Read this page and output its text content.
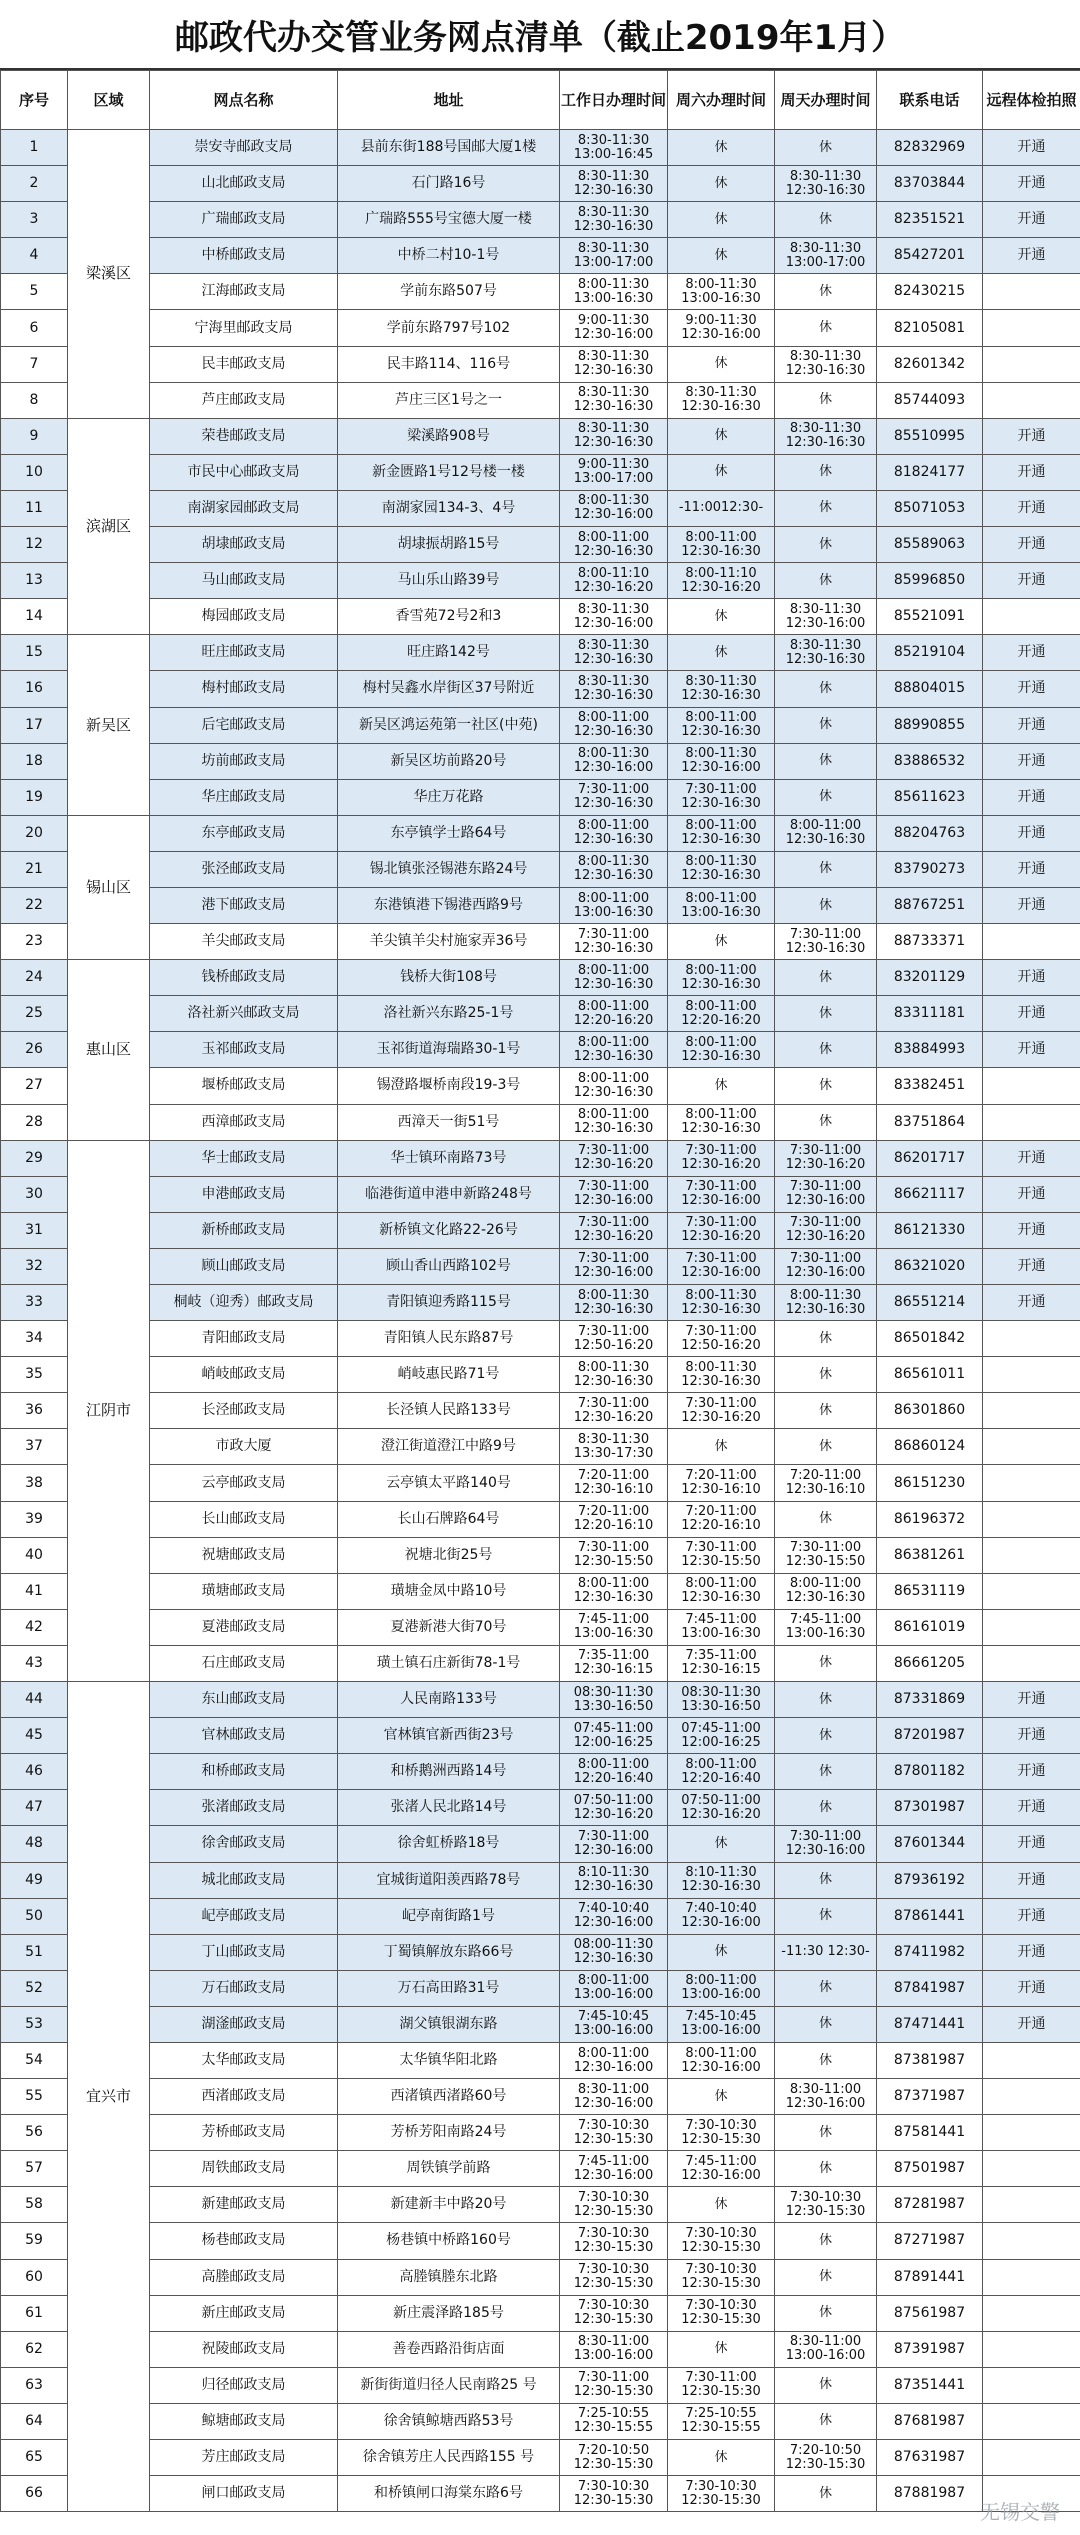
邮政代办交管业务网点清单（截止2019年1月）
序号	区域	网点名称	地址	工作日办理时间	周六办理时间	周天办理时间	联系电话	远程体检拍照
1	梁溪区	崇安寺邮政支局	县前东街188号国邮大厦1楼	8:30-11:30
13:00-16:45	休	休	82832969	开通
2		山北邮政支局	石门路16号	8:30-11:30
12:30-16:30	休	8:30-11:30
12:30-16:30	83703844	开通
3		广瑞邮政支局	广瑞路555号宝德大厦一楼	8:30-11:30
12:30-16:30	休	休	82351521	开通
4		中桥邮政支局	中桥二村10-1号	8:30-11:30
13:00-17:00	休	8:30-11:30
13:00-17:00	85427201	开通
5		江海邮政支局	学前东路507号	8:00-11:30
13:00-16:30	8:00-11:30
13:00-16:30	休	82430215	
6		宁海里邮政支局	学前东路797号102	9:00-11:30
12:30-16:00	9:00-11:30
12:30-16:00	休	82105081	
7		民丰邮政支局	民丰路114、116号	8:30-11:30
12:30-16:30	休	8:30-11:30
12:30-16:30	82601342	
8		芦庄邮政支局	芦庄三区1号之一	8:30-11:30
12:30-16:30	8:30-11:30
12:30-16:30	休	85744093	
9	滨湖区	荣巷邮政支局	梁溪路908号	8:30-11:30
12:30-16:30	休	8:30-11:30
12:30-16:30	85510995	开通
10		市民中心邮政支局	新金匮路1号12号楼一楼	9:00-11:30
13:00-17:00	休	休	81824177	开通
11		南湖家园邮政支局	南湖家园134-3、4号	8:00-11:30
12:30-16:00	-11:0012:30-	休	85071053	开通
12		胡埭邮政支局	胡埭振胡路15号	8:00-11:00
12:30-16:30	8:00-11:00
12:30-16:30	休	85589063	开通
13		马山邮政支局	马山乐山路39号	8:00-11:10
12:30-16:20	8:00-11:10
12:30-16:20	休	85996850	开通
14		梅园邮政支局	香雪苑72号2和3	8:30-11:30
12:30-16:00	休	8:30-11:30
12:30-16:00	85521091	
15	新吴区	旺庄邮政支局	旺庄路142号	8:30-11:30
12:30-16:30	休	8:30-11:30
12:30-16:30	85219104	开通
16		梅村邮政支局	梅村吴鑫水岸街区37号附近	8:30-11:30
12:30-16:30	8:30-11:30
12:30-16:30	休	88804015	开通
17		后宅邮政支局	新吴区鸿运苑第一社区(中苑)	8:00-11:00
12:30-16:30	8:00-11:00
12:30-16:30	休	88990855	开通
18		坊前邮政支局	新吴区坊前路20号	8:00-11:30
12:30-16:00	8:00-11:30
12:30-16:00	休	83886532	开通
19		华庄邮政支局	华庄万花路	7:30-11:00
12:30-16:30	7:30-11:00
12:30-16:30	休	85611623	开通
20	锡山区	东亭邮政支局	东亭镇学士路64号	8:00-11:00
12:30-16:30	8:00-11:00
12:30-16:30	8:00-11:00
12:30-16:30	88204763	开通
21		张泾邮政支局	锡北镇张泾锡港东路24号	8:00-11:30
12:30-16:30	8:00-11:30
12:30-16:30	休	83790273	开通
22		港下邮政支局	东港镇港下锡港西路9号	8:00-11:00
13:00-16:30	8:00-11:00
13:00-16:30	休	88767251	开通
23		羊尖邮政支局	羊尖镇羊尖村施家弄36号	7:30-11:00
12:30-16:30	休	7:30-11:00
12:30-16:30	88733371	
24	惠山区	钱桥邮政支局	钱桥大街108号	8:00-11:00
12:30-16:30	8:00-11:00
12:30-16:30	休	83201129	开通
25		洛社新兴邮政支局	洛社新兴东路25-1号	8:00-11:00
12:20-16:20	8:00-11:00
12:20-16:20	休	83311181	开通
26		玉祁邮政支局	玉祁街道海瑞路30-1号	8:00-11:00
12:30-16:30	8:00-11:00
12:30-16:30	休	83884993	开通
27		堰桥邮政支局	锡澄路堰桥南段19-3号	8:00-11:00
12:30-16:30	休	休	83382451	
28		西漳邮政支局	西漳天一街51号	8:00-11:00
12:30-16:30	8:00-11:00
12:30-16:30	休	83751864	
29	江阴市	华士邮政支局	华士镇环南路73号	7:30-11:00
12:30-16:20	7:30-11:00
12:30-16:20	7:30-11:00
12:30-16:20	86201717	开通
30		申港邮政支局	临港街道申港申新路248号	7:30-11:00
12:30-16:00	7:30-11:00
12:30-16:00	7:30-11:00
12:30-16:00	86621117	开通
31		新桥邮政支局	新桥镇文化路22-26号	7:30-11:00
12:30-16:20	7:30-11:00
12:30-16:20	7:30-11:00
12:30-16:20	86121330	开通
32		顾山邮政支局	顾山香山西路102号	7:30-11:00
12:30-16:00	7:30-11:00
12:30-16:00	7:30-11:00
12:30-16:00	86321020	开通
33		桐岐（迎秀）邮政支局	青阳镇迎秀路115号	8:00-11:30
12:30-16:30	8:00-11:30
12:30-16:30	8:00-11:30
12:30-16:30	86551214	开通
34		青阳邮政支局	青阳镇人民东路87号	7:30-11:00
12:50-16:20	7:30-11:00
12:50-16:20	休	86501842	
35		峭岐邮政支局	峭岐惠民路71号	8:00-11:30
12:30-16:30	8:00-11:30
12:30-16:30	休	86561011	
36		长泾邮政支局	长泾镇人民路133号	7:30-11:00
12:30-16:20	7:30-11:00
12:30-16:20	休	86301860	
37		市政大厦	澄江街道澄江中路9号	8:30-11:30
13:30-17:30	休	休	86860124	
38		云亭邮政支局	云亭镇太平路140号	7:20-11:00
12:30-16:10	7:20-11:00
12:30-16:10	7:20-11:00
12:30-16:10	86151230	
39		长山邮政支局	长山石牌路64号	7:20-11:00
12:20-16:10	7:20-11:00
12:20-16:10	休	86196372	
40		祝塘邮政支局	祝塘北街25号	7:30-11:00
12:30-15:50	7:30-11:00
12:30-15:50	7:30-11:00
12:30-15:50	86381261	
41		璜塘邮政支局	璜塘金凤中路10号	8:00-11:00
12:30-16:30	8:00-11:00
12:30-16:30	8:00-11:00
12:30-16:30	86531119	
42		夏港邮政支局	夏港新港大街70号	7:45-11:00
13:00-16:30	7:45-11:00
13:00-16:30	7:45-11:00
13:00-16:30	86161019	
43		石庄邮政支局	璜土镇石庄新街78-1号	7:35-11:00
12:30-16:15	7:35-11:00
12:30-16:15	休	86661205	
44	宜兴市	东山邮政支局	人民南路133号	08:30-11:30
13:30-16:50	08:30-11:30
13:30-16:50	休	87331869	开通
45		官林邮政支局	官林镇官新西街23号	07:45-11:00
12:00-16:25	07:45-11:00
12:00-16:25	休	87201987	开通
46		和桥邮政支局	和桥鹅洲西路14号	8:00-11:00
12:20-16:40	8:00-11:00
12:20-16:40	休	87801182	开通
47		张渚邮政支局	张渚人民北路14号	07:50-11:00
12:30-16:20	07:50-11:00
12:30-16:20	休	87301987	开通
48		徐舍邮政支局	徐舍虹桥路18号	7:30-11:00
12:30-16:00	休	7:30-11:00
12:30-16:00	87601344	开通
49		城北邮政支局	宜城街道阳羡西路78号	8:10-11:30
12:30-16:30	8:10-11:30
12:30-16:30	休	87936192	开通
50		屺亭邮政支局	屺亭南街路1号	7:40-10:40
12:30-16:00	7:40-10:40
12:30-16:00	休	87861441	开通
51		丁山邮政支局	丁蜀镇解放东路66号	08:00-11:30
12:30-16:30	休	-11:30 12:30-	87411982	开通
52		万石邮政支局	万石高田路31号	8:00-11:00
13:00-16:00	8:00-11:00
13:00-16:00	休	87841987	开通
53		湖滏邮政支局	湖父镇银湖东路	7:45-10:45
13:00-16:00	7:45-10:45
13:00-16:00	休	87471441	开通
54		太华邮政支局	太华镇华阳北路	8:00-11:00
12:30-16:00	8:00-11:00
12:30-16:00	休	87381987	
55		西渚邮政支局	西渚镇西渚路60号	8:30-11:00
12:30-16:00	休	8:30-11:00
12:30-16:00	87371987	
56		芳桥邮政支局	芳桥芳阳南路24号	7:30-10:30
12:30-15:30	7:30-10:30
12:30-15:30	休	87581441	
57		周铁邮政支局	周铁镇学前路	7:45-11:00
12:30-16:00	7:45-11:00
12:30-16:00	休	87501987	
58		新建邮政支局	新建新丰中路20号	7:30-10:30
12:30-15:30	休	7:30-10:30
12:30-15:30	87281987	
59		杨巷邮政支局	杨巷镇中桥路160号	7:30-10:30
12:30-15:30	7:30-10:30
12:30-15:30	休	87271987	
60		高塍邮政支局	高塍镇塍东北路	7:30-10:30
12:30-15:30	7:30-10:30
12:30-15:30	休	87891441	
61		新庄邮政支局	新庄震泽路185号	7:30-10:30
12:30-15:30	7:30-10:30
12:30-15:30	休	87561987	
62		祝陵邮政支局	善卷西路沿街店面	8:30-11:00
13:00-16:00	休	8:30-11:00
13:00-16:00	87391987	
63		归径邮政支局	新街街道归径人民南路25 号	7:30-11:00
12:30-15:30	7:30-11:00
12:30-15:30	休	87351441	
64		鲸塘邮政支局	徐舍镇鲸塘西路53号	7:25-10:55
12:30-15:55	7:25-10:55
12:30-15:55	休	87681987	
65		芳庄邮政支局	徐舍镇芳庄人民西路155 号	7:20-10:50
12:30-15:30	休	7:20-10:50
12:30-15:30	87631987	
66		闸口邮政支局	和桥镇闸口海棠东路6号	7:30-10:30
12:30-15:30	7:30-10:30
12:30-15:30	休	87881987	
无锡交警
